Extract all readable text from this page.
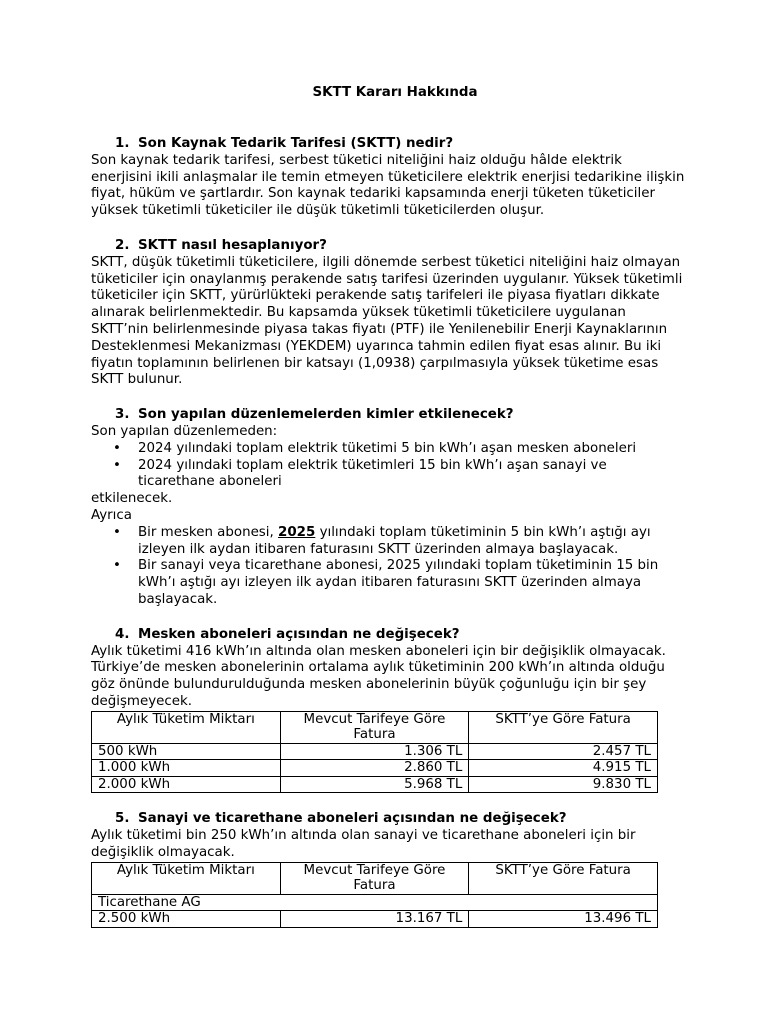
SKTT Kararı Hakkında
1. Son Kaynak Tedarik Tarifesi (SKTT) nedir?

Son kaynak tedarik tarifesi, serbest tüketici niteliğini haiz olduğu hâlde elektrik enerjisini ikili anlaşmalar ile temin etmeyen tüketicilere elektrik enerjisi tedarikine ilişkin fiyat, hüküm ve şartlardır. Son kaynak tedariki kapsamında enerji tüketen tüketiciler yüksek tüketimli tüketiciler ile düşük tüketimli tüketicilerden oluşur.

2. SKTT nasıl hesaplanıyor?

SKTT, düşük tüketimli tüketicilere, ilgili dönemde serbest tüketici niteliğini haiz olmayan tüketiciler için onaylanmış perakende satış tarifesi üzerinden uygulanır. Yüksek tüketimli tüketiciler için SKTT, yürürlükteki perakende satış tarifeleri ile piyasa fiyatları dikkate alınarak belirlenmektedir. Bu kapsamda yüksek tüketimli tüketicilere uygulanan SKTT’nin belirlenmesinde piyasa takas fiyatı (PTF) ile Yenilenebilir Enerji Kaynaklarının Desteklenmesi Mekanizması (YEKDEM) uyarınca tahmin edilen fiyat esas alınır. Bu iki fiyatın toplamının belirlenen bir katsayı (1,0938) çarpılmasıyla yüksek tüketime esas SKTT bulunur.

3. Son yapılan düzenlemelerden kimler etkilenecek?

Son yapılan düzenlemeden:

• 2024 yılındaki toplam elektrik tüketimi 5 bin kWh’ı aşan mesken aboneleri
• 2024 yılındaki toplam elektrik tüketimleri 15 bin kWh’ı aşan sanayi ve ticarethane aboneleri

etkilenecek.

Ayrıca

• Bir mesken abonesi, 2025 yılındaki toplam tüketiminin 5 bin kWh’ı aştığı ayı izleyen ilk aydan itibaren faturasını SKTT üzerinden almaya başlayacak.
• Bir sanayi veya ticarethane abonesi, 2025 yılındaki toplam tüketiminin 15 bin kWh’ı aştığı ayı izleyen ilk aydan itibaren faturasını SKTT üzerinden almaya başlayacak.
4. Mesken aboneleri açısından ne değişecek?

Aylık tüketimi 416 kWh’ın altında olan mesken aboneleri için bir değişiklik olmayacak. Türkiye’de mesken abonelerinin ortalama aylık tüketiminin 200 kWh’ın altında olduğu göz önünde bulundurulduğunda mesken abonelerinin büyük çoğunluğu için bir şey değişmeyecek.

Aylık Tüketim Miktarı	Mevcut Tarifeye Göre Fatura	SKTT’ye Göre Fatura
500 kWh	1.306 TL	2.457 TL
1.000 kWh	2.860 TL	4.915 TL
2.000 kWh	5.968 TL	9.830 TL
5. Sanayi ve ticarethane aboneleri açısından ne değişecek?

Aylık tüketimi bin 250 kWh’ın altında olan sanayi ve ticarethane aboneleri için bir değişiklik olmayacak.

Aylık Tüketim Miktarı	Mevcut Tarifeye Göre Fatura	SKTT’ye Göre Fatura
Ticarethane AG		
2.500 kWh	13.167 TL	13.496 TL
